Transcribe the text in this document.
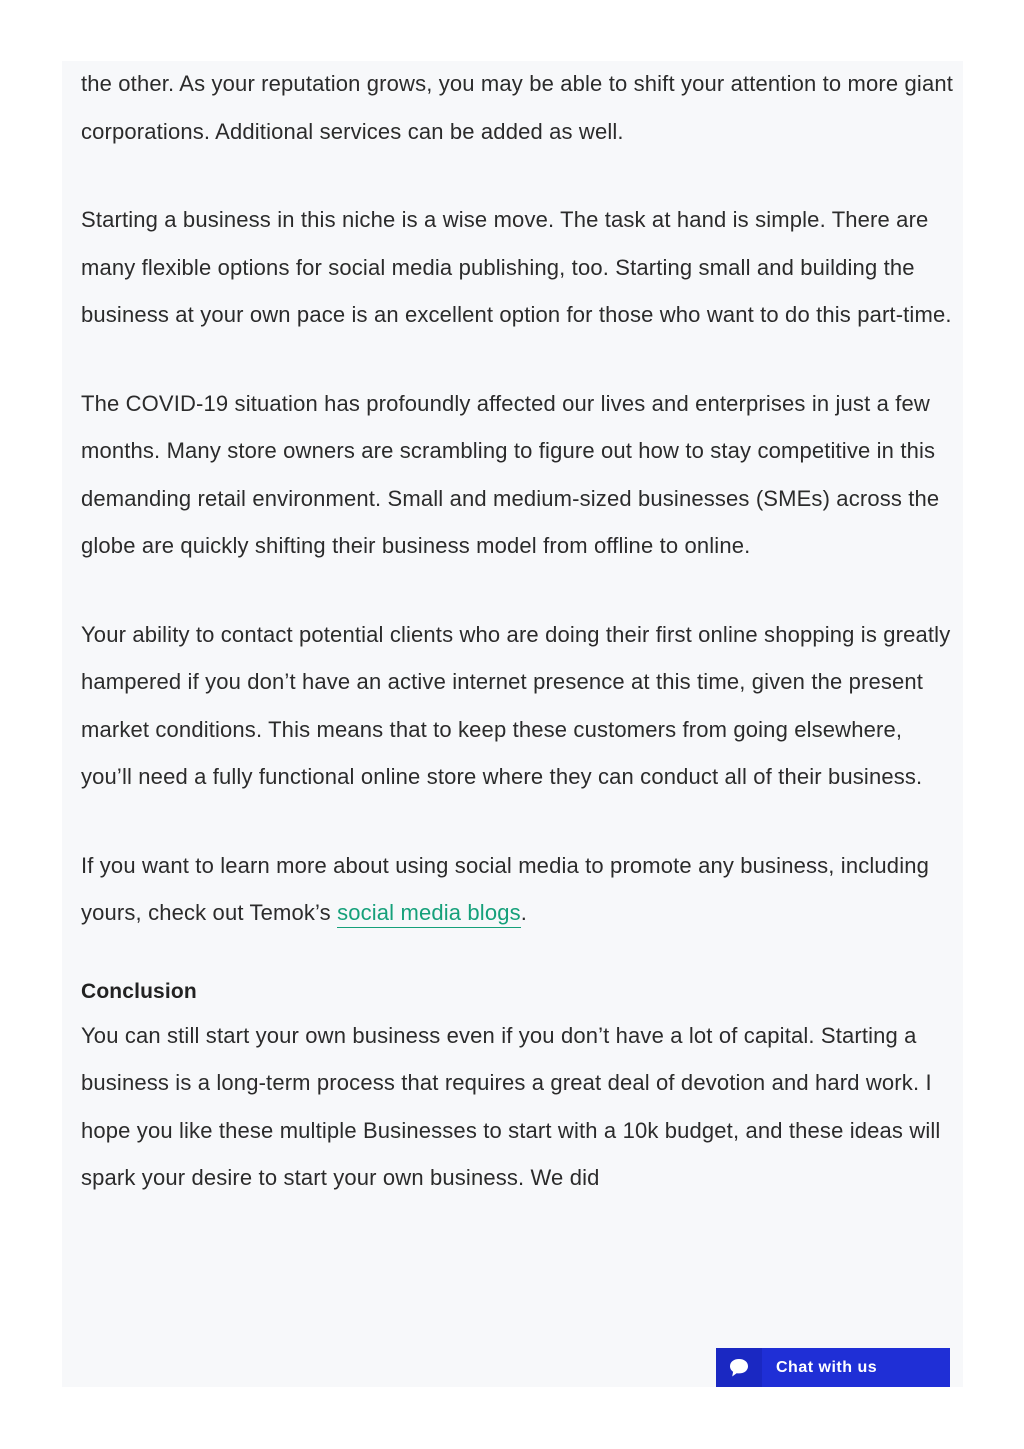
the other. As your reputation grows, you may be able to shift your attention to more giant corporations. Additional services can be added as well.

Starting a business in this niche is a wise move. The task at hand is simple. There are many flexible options for social media publishing, too. Starting small and building the business at your own pace is an excellent option for those who want to do this part-time.

The COVID-19 situation has profoundly affected our lives and enterprises in just a few months. Many store owners are scrambling to figure out how to stay competitive in this demanding retail environment. Small and medium-sized businesses (SMEs) across the globe are quickly shifting their business model from offline to online.

Your ability to contact potential clients who are doing their first online shopping is greatly hampered if you don’t have an active internet presence at this time, given the present market conditions. This means that to keep these customers from going elsewhere, you’ll need a fully functional online store where they can conduct all of their business.

If you want to learn more about using social media to promote any business, including yours, check out Temok’s social media blogs.

Conclusion

You can still start your own business even if you don’t have a lot of capital. Starting a business is a long-term process that requires a great deal of devotion and hard work. I hope you like these multiple Businesses to start with a 10k budget, and these ideas will spark your desire to start your own business. We did

Chat with us
